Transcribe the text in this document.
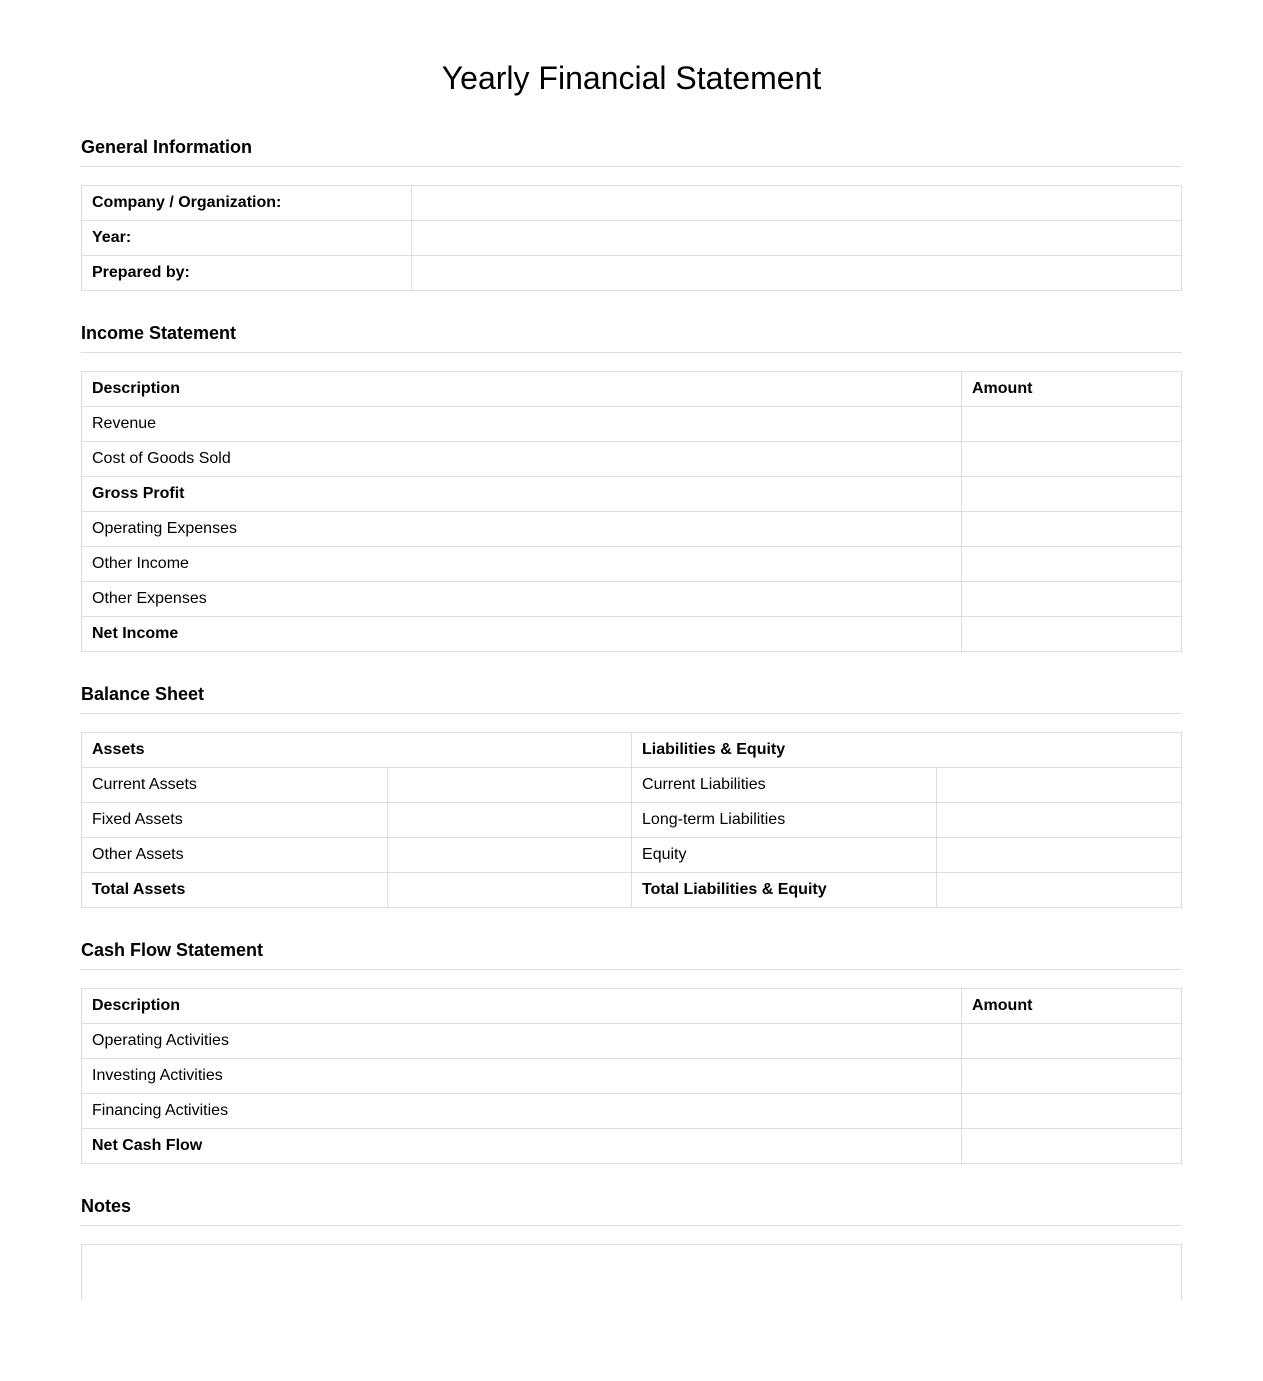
Yearly Financial Statement
General Information
Company / Organization:	
Year:	
Prepared by:	
Income Statement
Description	Amount
Revenue	
Cost of Goods Sold	
Gross Profit	
Operating Expenses	
Other Income	
Other Expenses	
Net Income	
Balance Sheet
Assets		Liabilities & Equity	
Current Assets		Current Liabilities	
Fixed Assets		Long-term Liabilities	
Other Assets		Equity	
Total Assets		Total Liabilities & Equity	
Cash Flow Statement
Description	Amount
Operating Activities	
Investing Activities	
Financing Activities	
Net Cash Flow	
Notes
